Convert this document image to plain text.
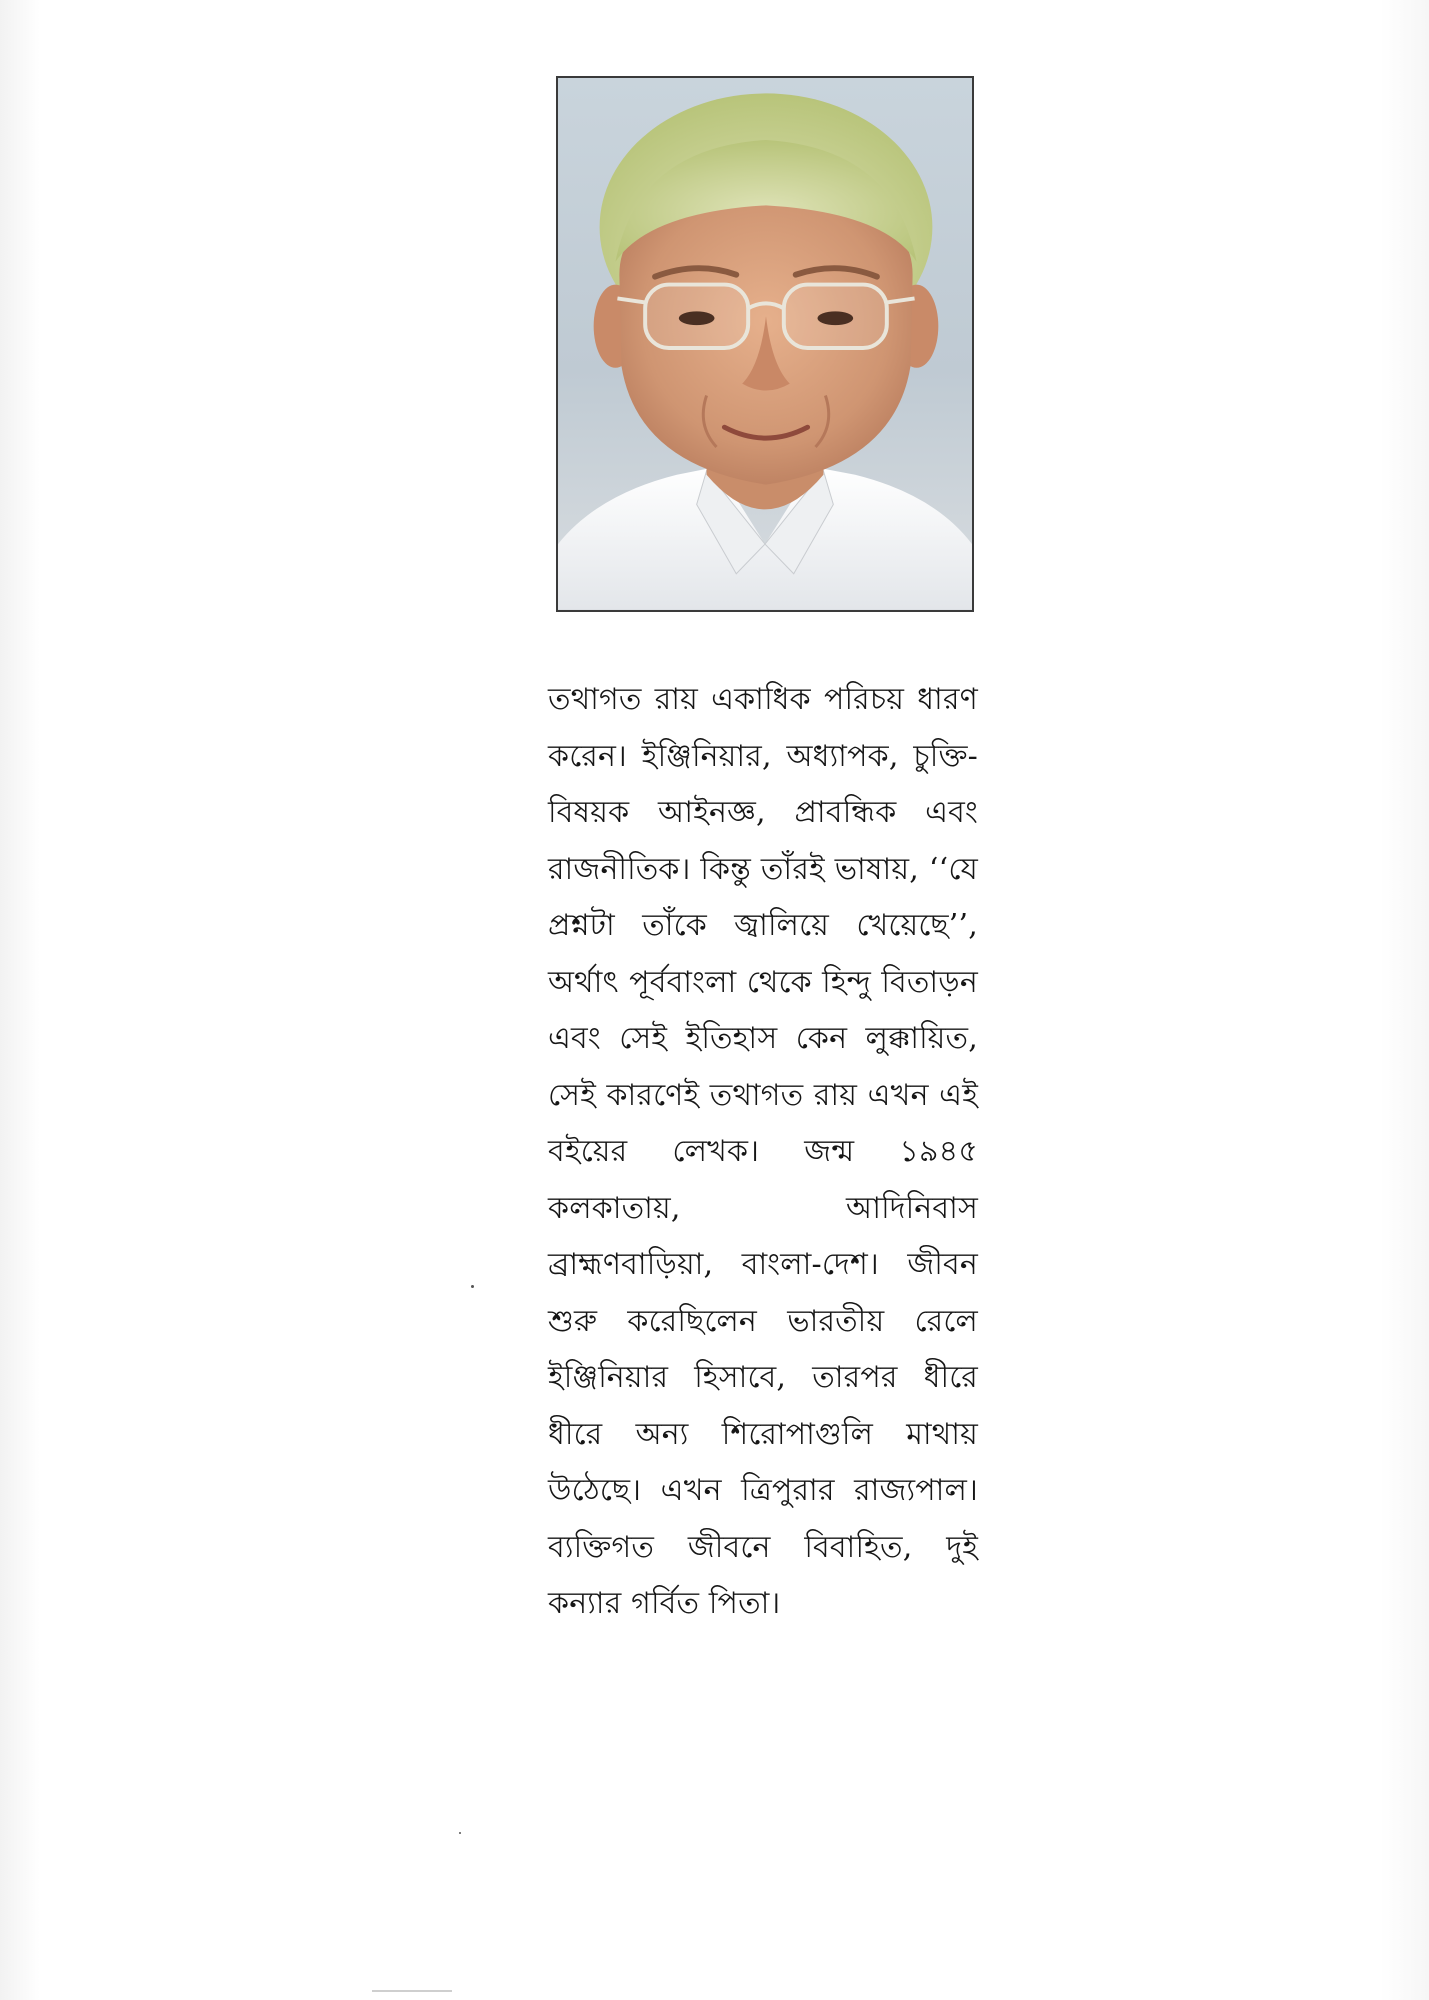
তথাগত রায় একাধিক পরিচয় ধারণ করেন। ইঞ্জিনিয়ার, অধ্যাপক, চুক্তি-বিষয়ক আইনজ্ঞ, প্রাবন্ধিক এবং রাজনীতিক। কিন্তু তাঁরই ভাষায়, ‘‘যে প্রশ্নটা তাঁকে জ্বালিয়ে খেয়েছে’’, অর্থাৎ পূর্ববাংলা থেকে হিন্দু বিতাড়ন এবং সেই ইতিহাস কেন লুক্কায়িত, সেই কারণেই তথাগত রায় এখন এই বইয়ের লেখক। জন্ম ১৯৪৫ কলকাতায়, আদিনিবাস ব্রাহ্মণবাড়িয়া, বাংলা-দেশ। জীবন শুরু করেছিলেন ভারতীয় রেলে ইঞ্জিনিয়ার হিসাবে, তারপর ধীরে ধীরে অন্য শিরোপাগুলি মাথায় উঠেছে। এখন ত্রিপুরার রাজ্যপাল। ব্যক্তিগত জীবনে বিবাহিত, দুই কন্যার গর্বিত পিতা।
